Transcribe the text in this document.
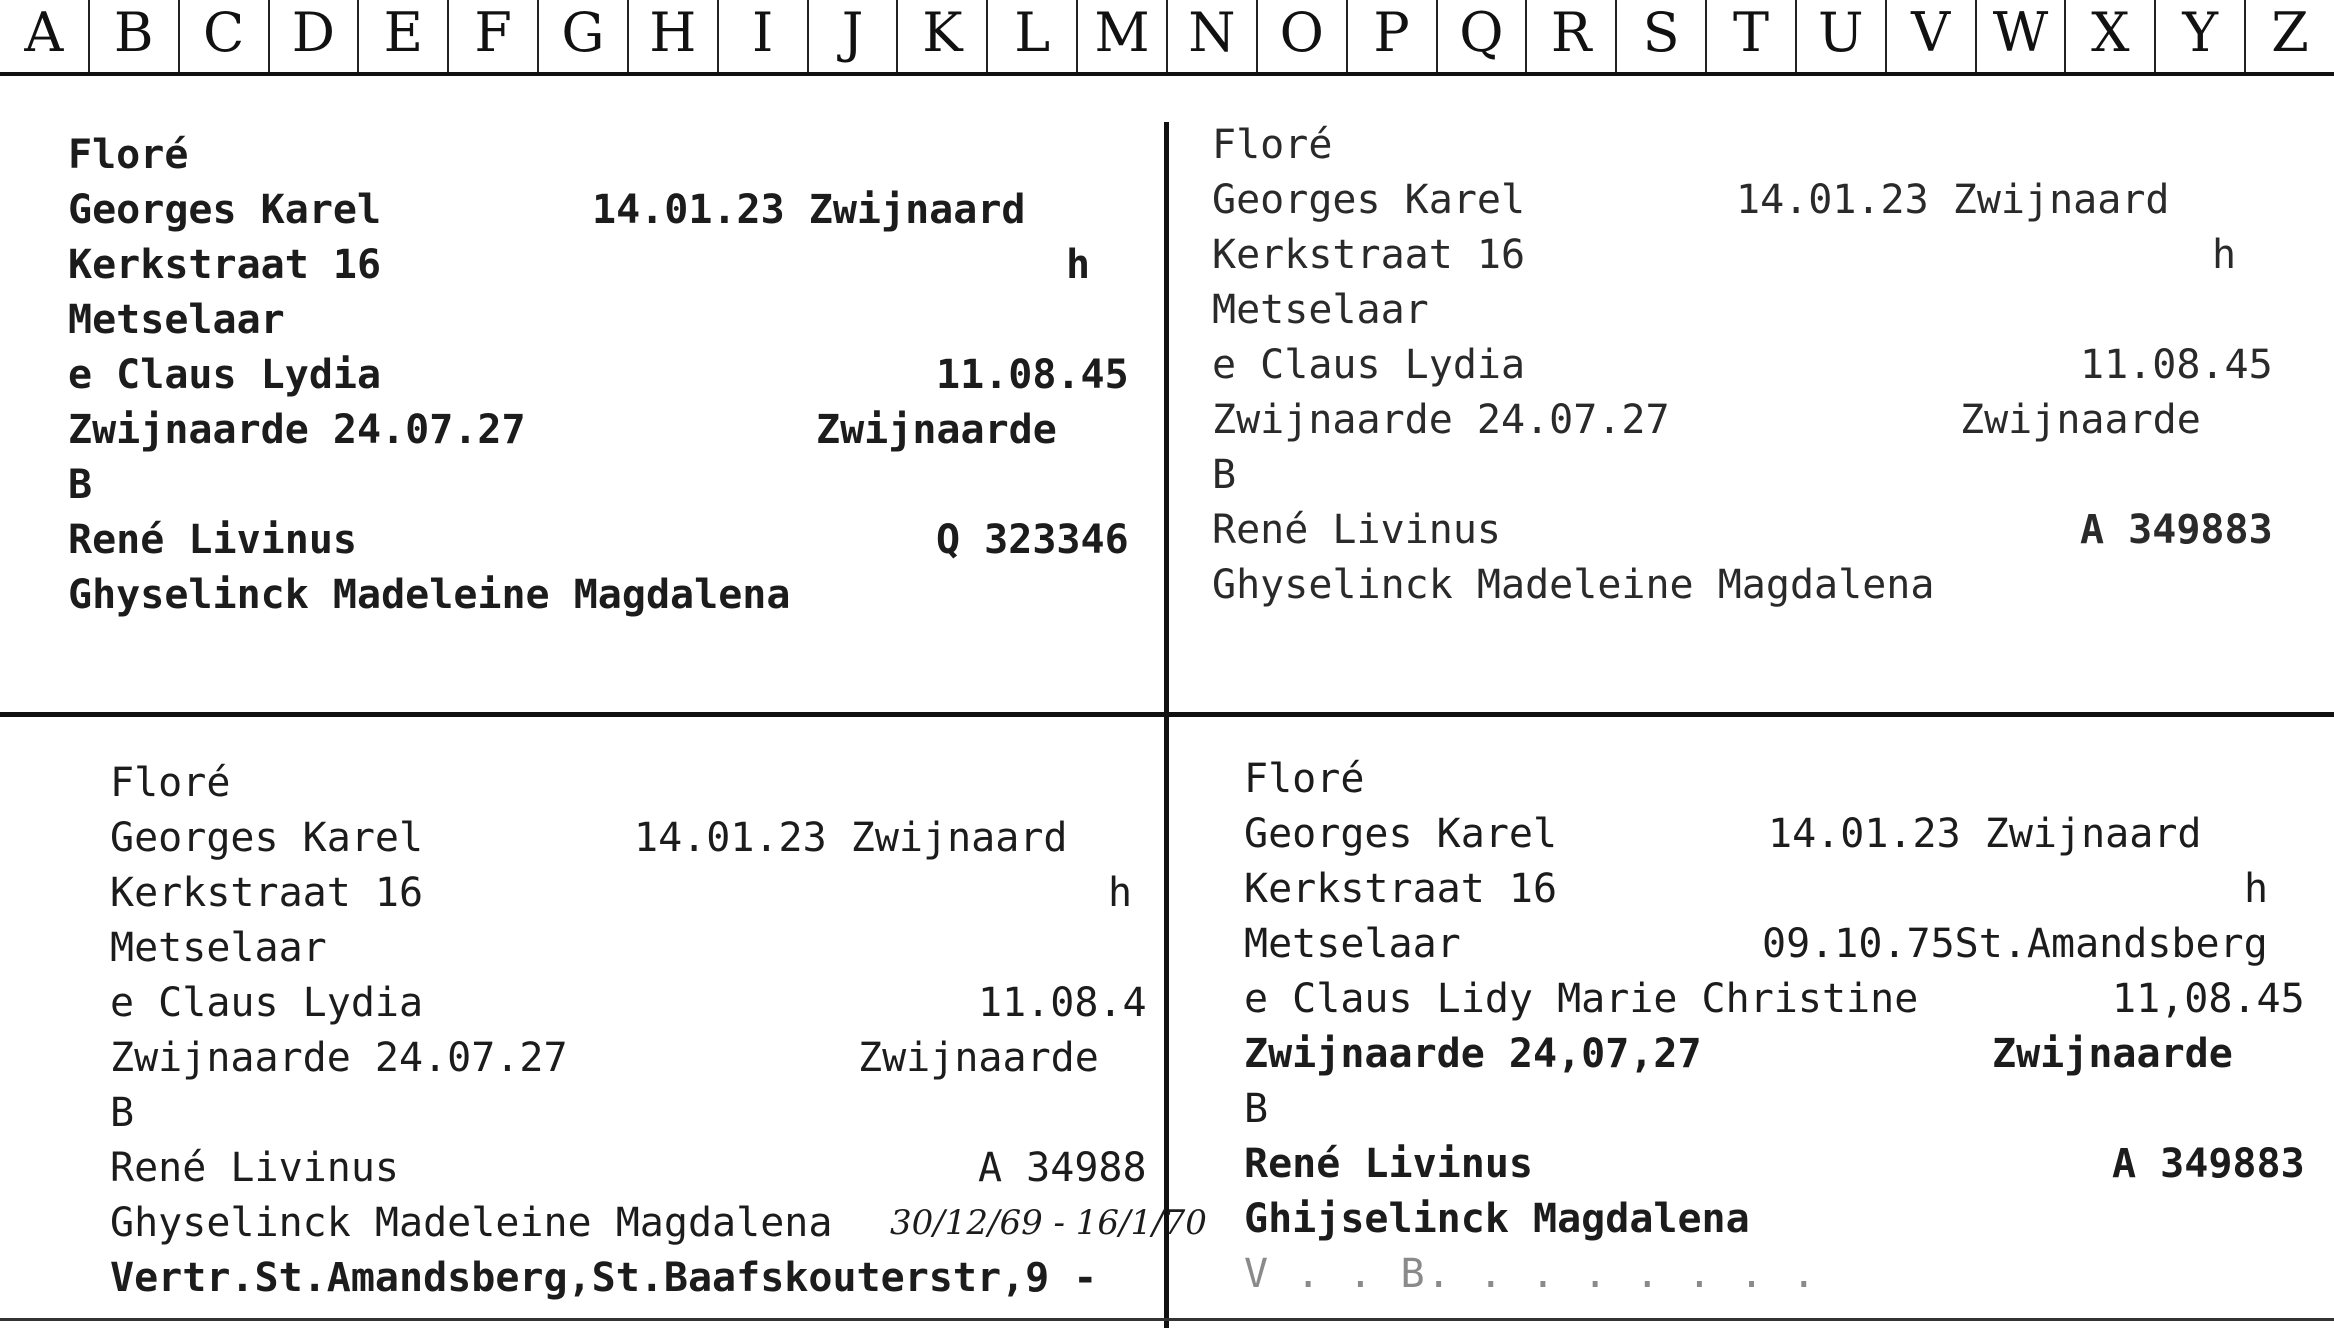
A B C D E F G H	I	J	K L M N O P Q R S T U V W X Y Z
Floré
Georges Karel	14.01.23 Zwijnaard
Kerkstraat 16	h
Metselaar
e Claus Lydia	11.08.45
Zwijnaarde 24.07.27	Zwijnaarde
B
René Livinus	Q 323346
Ghyselinck Madeleine Magdalena
Floré
Georges Karel	14.01.23 Zwijnaard
Kerkstraat 16	h
Metselaar
e Claus Lydia	11.08.45
Zwijnaarde 24.07.27	Zwijnaarde
B
René Livinus	A 349883
Ghyselinck Madeleine Magdalena
Floré
Georges Karel	14.01.23 Zwijnaard
Kerkstraat 16	h
Metselaar
e Claus Lydia	11.08.4
Zwijnaarde 24.07.27	Zwijnaarde
B
René Livinus	A 34988
Ghyselinck Madeleine Magdalena 30/12/69 - 16/1/70
Vertr.St.Amandsberg,St.Baafskouterstr,9 -
Floré
Georges Karel	14.01.23 Zwijnaard
Kerkstraat 16	h
Metselaar	09.10.75St.Amandsberg
e Claus Lidy Marie Christine	11,08.45
Zwijnaarde 24,07,27	Zwijnaarde
B
René Livinus	A 349883
Ghijselinck Magdalena
V . . B. . . . . . . .
